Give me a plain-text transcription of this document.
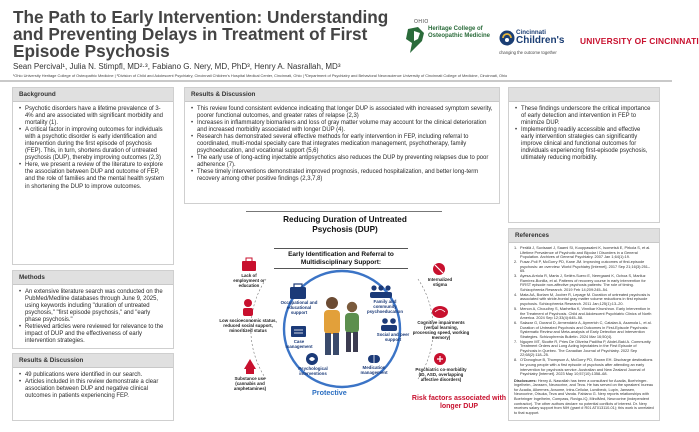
The Path to Early Intervention: Understanding and Preventing Delays in Treatment of First Episode Psychosis
Sean Percival¹, Julia N. Stimpfl, MD²·³, Fabiano G. Nery, MD, PhD³, Henry A. Nasrallah, MD³
¹Ohio University Heritage College of Osteopathic Medicine | ²Division of Child and Adolescent Psychiatry, Cincinnati Children's Hospital Medical Center, Cincinnati, Ohio | ³Department of Psychiatry and Behavioral Neuroscience University of Cincinnati College of Medicine, Cincinnati, Ohio
OHIO
Heritage College of Osteopathic Medicine	Cincinnati
Children's
changing the outcome together
UNIVERSITY OF CINCINNATI
Background
• Psychotic disorders have a lifetime prevalence of 3-4% and are associated with significant morbidity and mortality (1).
• A critical factor in improving outcomes for individuals with a psychotic disorder is early identification and intervention during the first episode of psychosis (FEP). This, in turn, shortens duration of untreated psychosis (DUP), thereby improving outcomes (2,3)
• Here, we present a review of the literature to explore the association between DUP and outcome of FEP, and the role of families and the mental health system in shortening the DUP to improve outcomes.
Methods
• An extensive literature search was conducted on the PubMed/Medline databases through June 9, 2025, using keywords including "duration of untreated psychosis," "first episode psychosis," and "early phase psychosis."
• Retrieved articles were reviewed for relevance to the impact of DUP and the effectiveness of early intervention strategies.
Results & Discussion
• 49 publications were identified in our search.
• Articles included in this review demonstrate a clear association between DUP and negative clinical outcomes in patients experiencing FEP.
Results & Discussion
• This review found consistent evidence indicating that longer DUP is associated with increased symptom severity, poorer functional outcomes, and greater rates of relapse (2,3)
• Increases in inflammatory biomarkers and loss of gray matter volume may account for the clinical deterioration and increased morbidity associated with longer DUP (4).
• Research has demonstrated several effective methods for early intervention in FEP, including referral to coordinated, multi-modal specialty care that integrates medication management, psychotherapy, family psychoeducation, and vocational support (5,6)
• The early use of long-acting injectable antipsychotics also reduces the DUP by preventing relapses due to poor adherence (7).
• These timely interventions demonstrated improved prognosis, reduced hospitalization, and better long-term recovery among other positive findings (2,3,7,8)
• These findings underscore the critical importance of early detection and intervention in FEP to minimize DUP.
• Implementing readily accessible and effective early intervention strategies can significantly improve clinical and functional outcomes for individuals experiencing first-episode psychosis, ultimately reducing morbidity.
References
1. Perälä J, Suvisaari J, Saarni SI, Kuoppasalmi K, Isometsä E, Pirkola S, et al. Lifetime Prevalence of Psychotic and Bipolar I Disorders in a General Population. Archives of General Psychiatry. 2007 Jan 1;64(1):19.
2. Fusar-Poli P, McGorry PD, Kane JM. Improving outcomes of first-episode psychosis: an overview. World Psychiatry [Internet]. 2017 Sep 21;16(3):251–65.
3. Ayesa-Arriola R, Marta J, Setién-Suero E, Neergaard K, Ochoa S, Mariluz Ramírez-Bonilla, et al. Patterns of recovery course in early intervention for FIRST episode non-affective psychosis patients: The role of timing. Schizophrenia Research. 2019 Feb 14;209:245–54.
4. Mata AA, Borlam M, Joober R, Lepage M. Duration of untreated psychosis is associated with stride-frontal gray matter volume reductions in first episode psychosis. Schizophrenia Research. 2011 Jan;125(1):13–20.
5. Menon A, Choudhry S, Marhefka K, Vinnikar Khurshrun. Early Intervention in the Treatment of Psychosis. Child and Adolescent Psychiatric Clinics of North America. 2024 Sep 12;33(4):645–58.
6. Salazar G, Durand D, Armendáriz A, Aymerich C, Catalan A, Asamola L, et al. Duration of Untreated Psychosis and Outcomes in First-Episode Psychosis: Systematic Review and Meta-analysis of Early Detection and Intervention Strategies. Schizophrenia Bulletin. 2024 Mar 16;50(4).
7. Nguyen MT, Sicotte R, Pries De Oliveira Padilha P, Abdel-Baki A. Community Treatment Orders and Long Acting Injectables in the First Episode of Psychosis in Quebec. The Canadian Journal of Psychiatry. 2022 Sep 22;68(2):118–25.
8. O'Donoghue B, Thompson A, McGorry PD, Brown EH. Discharge destinations for young people with a first episode of psychosis after attending an early intervention for psychosis service. Australian and New Zealand Journal of Psychiatry [Internet]. 2023 May 10;57(10):1358–68.
Disclosures: Henry A. Nasrallah has been a consultant for Acadia, Boehringer-Ingelheim, Janssen, Neurocrine, and Teva. He has served on the speakers' bureau for Acadia, Alkermes, Axsome, Intra-Cellular, Lundbeck, Lupin, Janssen, Neurocrine, Otsuka, Teva and Vanda. Fabiano G. Nery reports relationships with Boehringer Ingelheim, Compass, Rovigo-IQ, MindMed, Neurocrine (independent contractor). The other authors declare no potential conflicts of interest. Dr. Nery receives salary support from NIH (grant # R01 AT013110-01); this work is unrelated to that support.
Reducing Duration of Untreated Psychosis (DUP)
Early Identification and Referral to Multidisciplinary Support:
Occupational and educational support
Family and community psychoeducation
Social and peer support
Case management
Psychological interventions
Medication management
Lack of employment or education
Low socioeconomic status, reduced social support, minoritized status
Substance use (cannabis and amphetamines)
Internalized stigma
Cognitive impairments (verbal learning, processing speed, working memory)
Psychiatric co-morbidity (ID, ASD, overlapping affective disorders)
Protective
Risk factors associated with longer DUP
